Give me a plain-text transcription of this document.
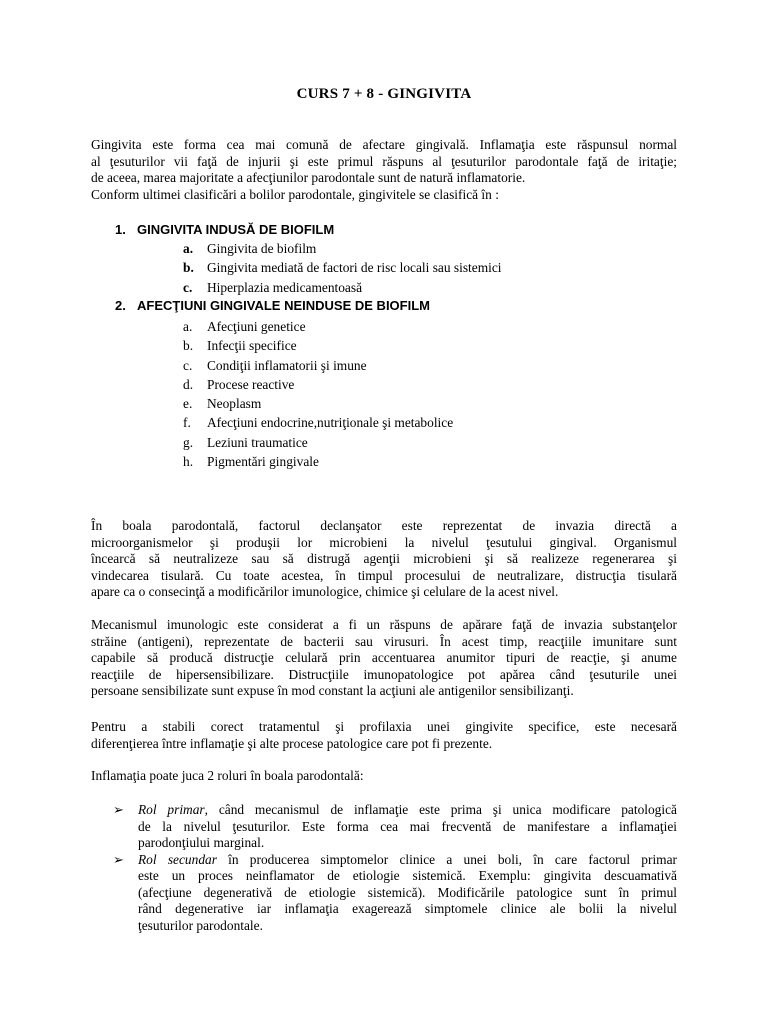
CURS 7 + 8 - GINGIVITA
Gingivita este forma cea mai comună de afectare gingivală. Inflamaţia este răspunsul normal
al ţesuturilor vii faţă de injurii şi este primul răspuns al ţesuturilor parodontale faţă de iritaţie;
de aceea, marea majoritate a afecţiunilor parodontale sunt de natură inflamatorie.
Conform ultimei clasificări a bolilor parodontale, gingivitele se clasifică în :
1. GINGIVITA INDUSĂ DE BIOFILM
a. Gingivita de biofilm
b. Gingivita mediată de factori de risc locali sau sistemici
c. Hiperplazia medicamentoasă
2. AFECŢIUNI GINGIVALE NEINDUSE DE BIOFILM
a. Afecţiuni genetice
b. Infecţii specifice
c. Condiţii inflamatorii şi imune
d. Procese reactive
e. Neoplasm
f. Afecţiuni endocrine,nutriţionale şi metabolice
g. Leziuni traumatice
h. Pigmentări gingivale
În boala parodontală, factorul declanşator este reprezentat de invazia directă a
microorganismelor şi produşii lor microbieni la nivelul ţesutului gingival. Organismul
încearcă să neutralizeze sau să distrugă agenţii microbieni şi să realizeze regenerarea şi
vindecarea tisulară. Cu toate acestea, în timpul procesului de neutralizare, distrucţia tisulară
apare ca o consecinţă a modificărilor imunologice, chimice şi celulare de la acest nivel.
Mecanismul imunologic este considerat a fi un răspuns de apărare faţă de invazia substanţelor
străine (antigeni), reprezentate de bacterii sau virusuri. În acest timp, reacţiile imunitare sunt
capabile să producă distrucţie celulară prin accentuarea anumitor tipuri de reacţie, şi anume
reacţiile de hipersensibilizare. Distrucţiile imunopatologice pot apărea când ţesuturile unei
persoane sensibilizate sunt expuse în mod constant la acţiuni ale antigenilor sensibilizanţi.
Pentru a stabili corect tratamentul şi profilaxia unei gingivite specifice, este necesară
diferenţierea între inflamaţie şi alte procese patologice care pot fi prezente.
Inflamaţia poate juca 2 roluri în boala parodontală:
➢ Rol primar, când mecanismul de inflamaţie este prima şi unica modificare patologică
de la nivelul ţesuturilor. Este forma cea mai frecventă de manifestare a inflamaţiei
parodonţiului marginal.
➢ Rol secundar în producerea simptomelor clinice a unei boli, în care factorul primar
este un proces neinflamator de etiologie sistemică. Exemplu: gingivita descuamativă
(afecţiune degenerativă de etiologie sistemică). Modificările patologice sunt în primul
rând degenerative iar inflamaţia exagerează simptomele clinice ale bolii la nivelul
ţesuturilor parodontale.
